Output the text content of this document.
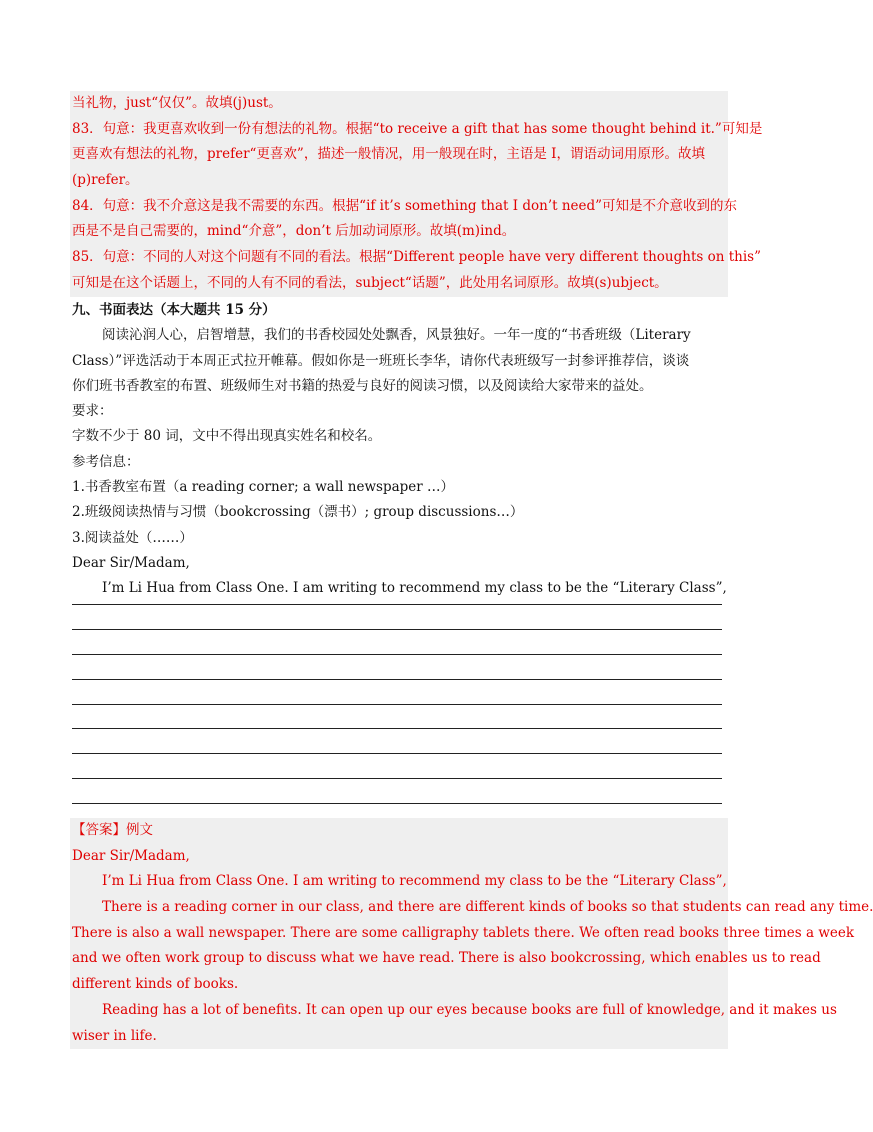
当礼物，just“仅仅”。故填(j)ust。
83．句意：我更喜欢收到一份有想法的礼物。根据“to receive a gift that has some thought behind it.”可知是
更喜欢有想法的礼物，prefer“更喜欢”，描述一般情况，用一般现在时，主语是 I，谓语动词用原形。故填
(p)refer。
84．句意：我不介意这是我不需要的东西。根据“if it’s something that I don’t need”可知是不介意收到的东
西是不是自己需要的，mind“介意”，don’t 后加动词原形。故填(m)ind。
85．句意：不同的人对这个问题有不同的看法。根据“Different people have very different thoughts on this”
可知是在这个话题上，不同的人有不同的看法，subject“话题”，此处用名词原形。故填(s)ubject。
九、书面表达（本大题共 15 分）
阅读沁润人心，启智增慧，我们的书香校园处处飘香，风景独好。一年一度的“书香班级（Literary
Class）”评选活动于本周正式拉开帷幕。假如你是一班班长李华，请你代表班级写一封参评推荐信，谈谈
你们班书香教室的布置、班级师生对书籍的热爱与良好的阅读习惯，以及阅读给大家带来的益处。
要求：
字数不少于 80 词，文中不得出现真实姓名和校名。
参考信息：
1.书香教室布置（a reading corner; a wall newspaper …）
2.班级阅读热情与习惯（bookcrossing（漂书）; group discussions…）
3.阅读益处（……）
Dear Sir/Madam,
I’m Li Hua from Class One. I am writing to recommend my class to be the “Literary Class”,
【答案】例文
Dear Sir/Madam,
I’m Li Hua from Class One. I am writing to recommend my class to be the “Literary Class”,
There is a reading corner in our class, and there are different kinds of books so that students can read any time.
There is also a wall newspaper. There are some calligraphy tablets there. We often read books three times a week
and we often work group to discuss what we have read. There is also bookcrossing, which enables us to read
different kinds of books.
Reading has a lot of benefits. It can open up our eyes because books are full of knowledge, and it makes us
wiser in life.
